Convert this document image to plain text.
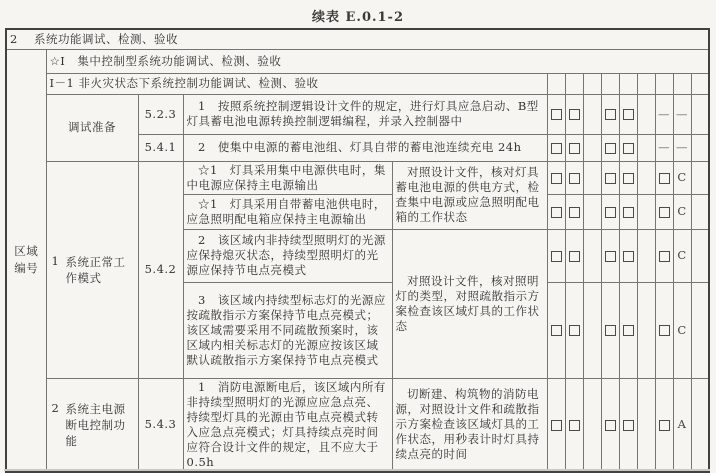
续表 E.0.1-2
2 系统功能调试、检测、验收													
区域编号	☆Ⅰ　集中控制型系统功能调试、检测、验收												
	Ⅰ－1 非火灾状态下系统控制功能调试、检测、验收												
	调试准备	5.2.3	1　按照系统控制逻辑设计文件的规定，进行灯具应急启动、B型灯具蓄电池电源转换控制逻辑编程，并录入控制器中								—	—	
		5.4.1	2　使集中电源的蓄电池组、灯具自带的蓄电池连续充电 24h								—	—	

	1 系统正常工作模式	5.4.2	☆1　灯具采用集中电源供电时，集中电源应保持主电源输出	对照设计文件，核对灯具蓄电池电源的供电方式，检查集中电源或应急照明配电箱的工作状态								C	
			☆1　灯具采用自带蓄电池供电时，应急照明配电箱应保持主电源输出									C	
			2　该区域内非持续型照明灯的光源应保持熄灭状态，持续型照明灯的光源应保持节电点亮模式	对照设计文件，核对照明灯的类型，对照疏散指示方案检查该区域灯具的工作状态								C	
			3　该区域内持续型标志灯的光源应按疏散指示方案保持节电点亮模式；该区域需要采用不同疏散预案时，该区域内相关标志灯的光源应按该区域默认疏散指示方案保持节电点亮模式									C	

	2 系统主电源断电控制功能	5.4.3	1　消防电源断电后，该区域内所有非持续型照明灯的光源应应急点亮、持续型灯具的光源由节电点亮模式转入应急点亮模式；灯具持续点亮时间应符合设计文件的规定，且不应大于 0.5h	切断建、构筑物的消防电源，对照设计文件和疏散指示方案检查该区域灯具的工作状态，用秒表计时灯具持续点亮的时间								A	
